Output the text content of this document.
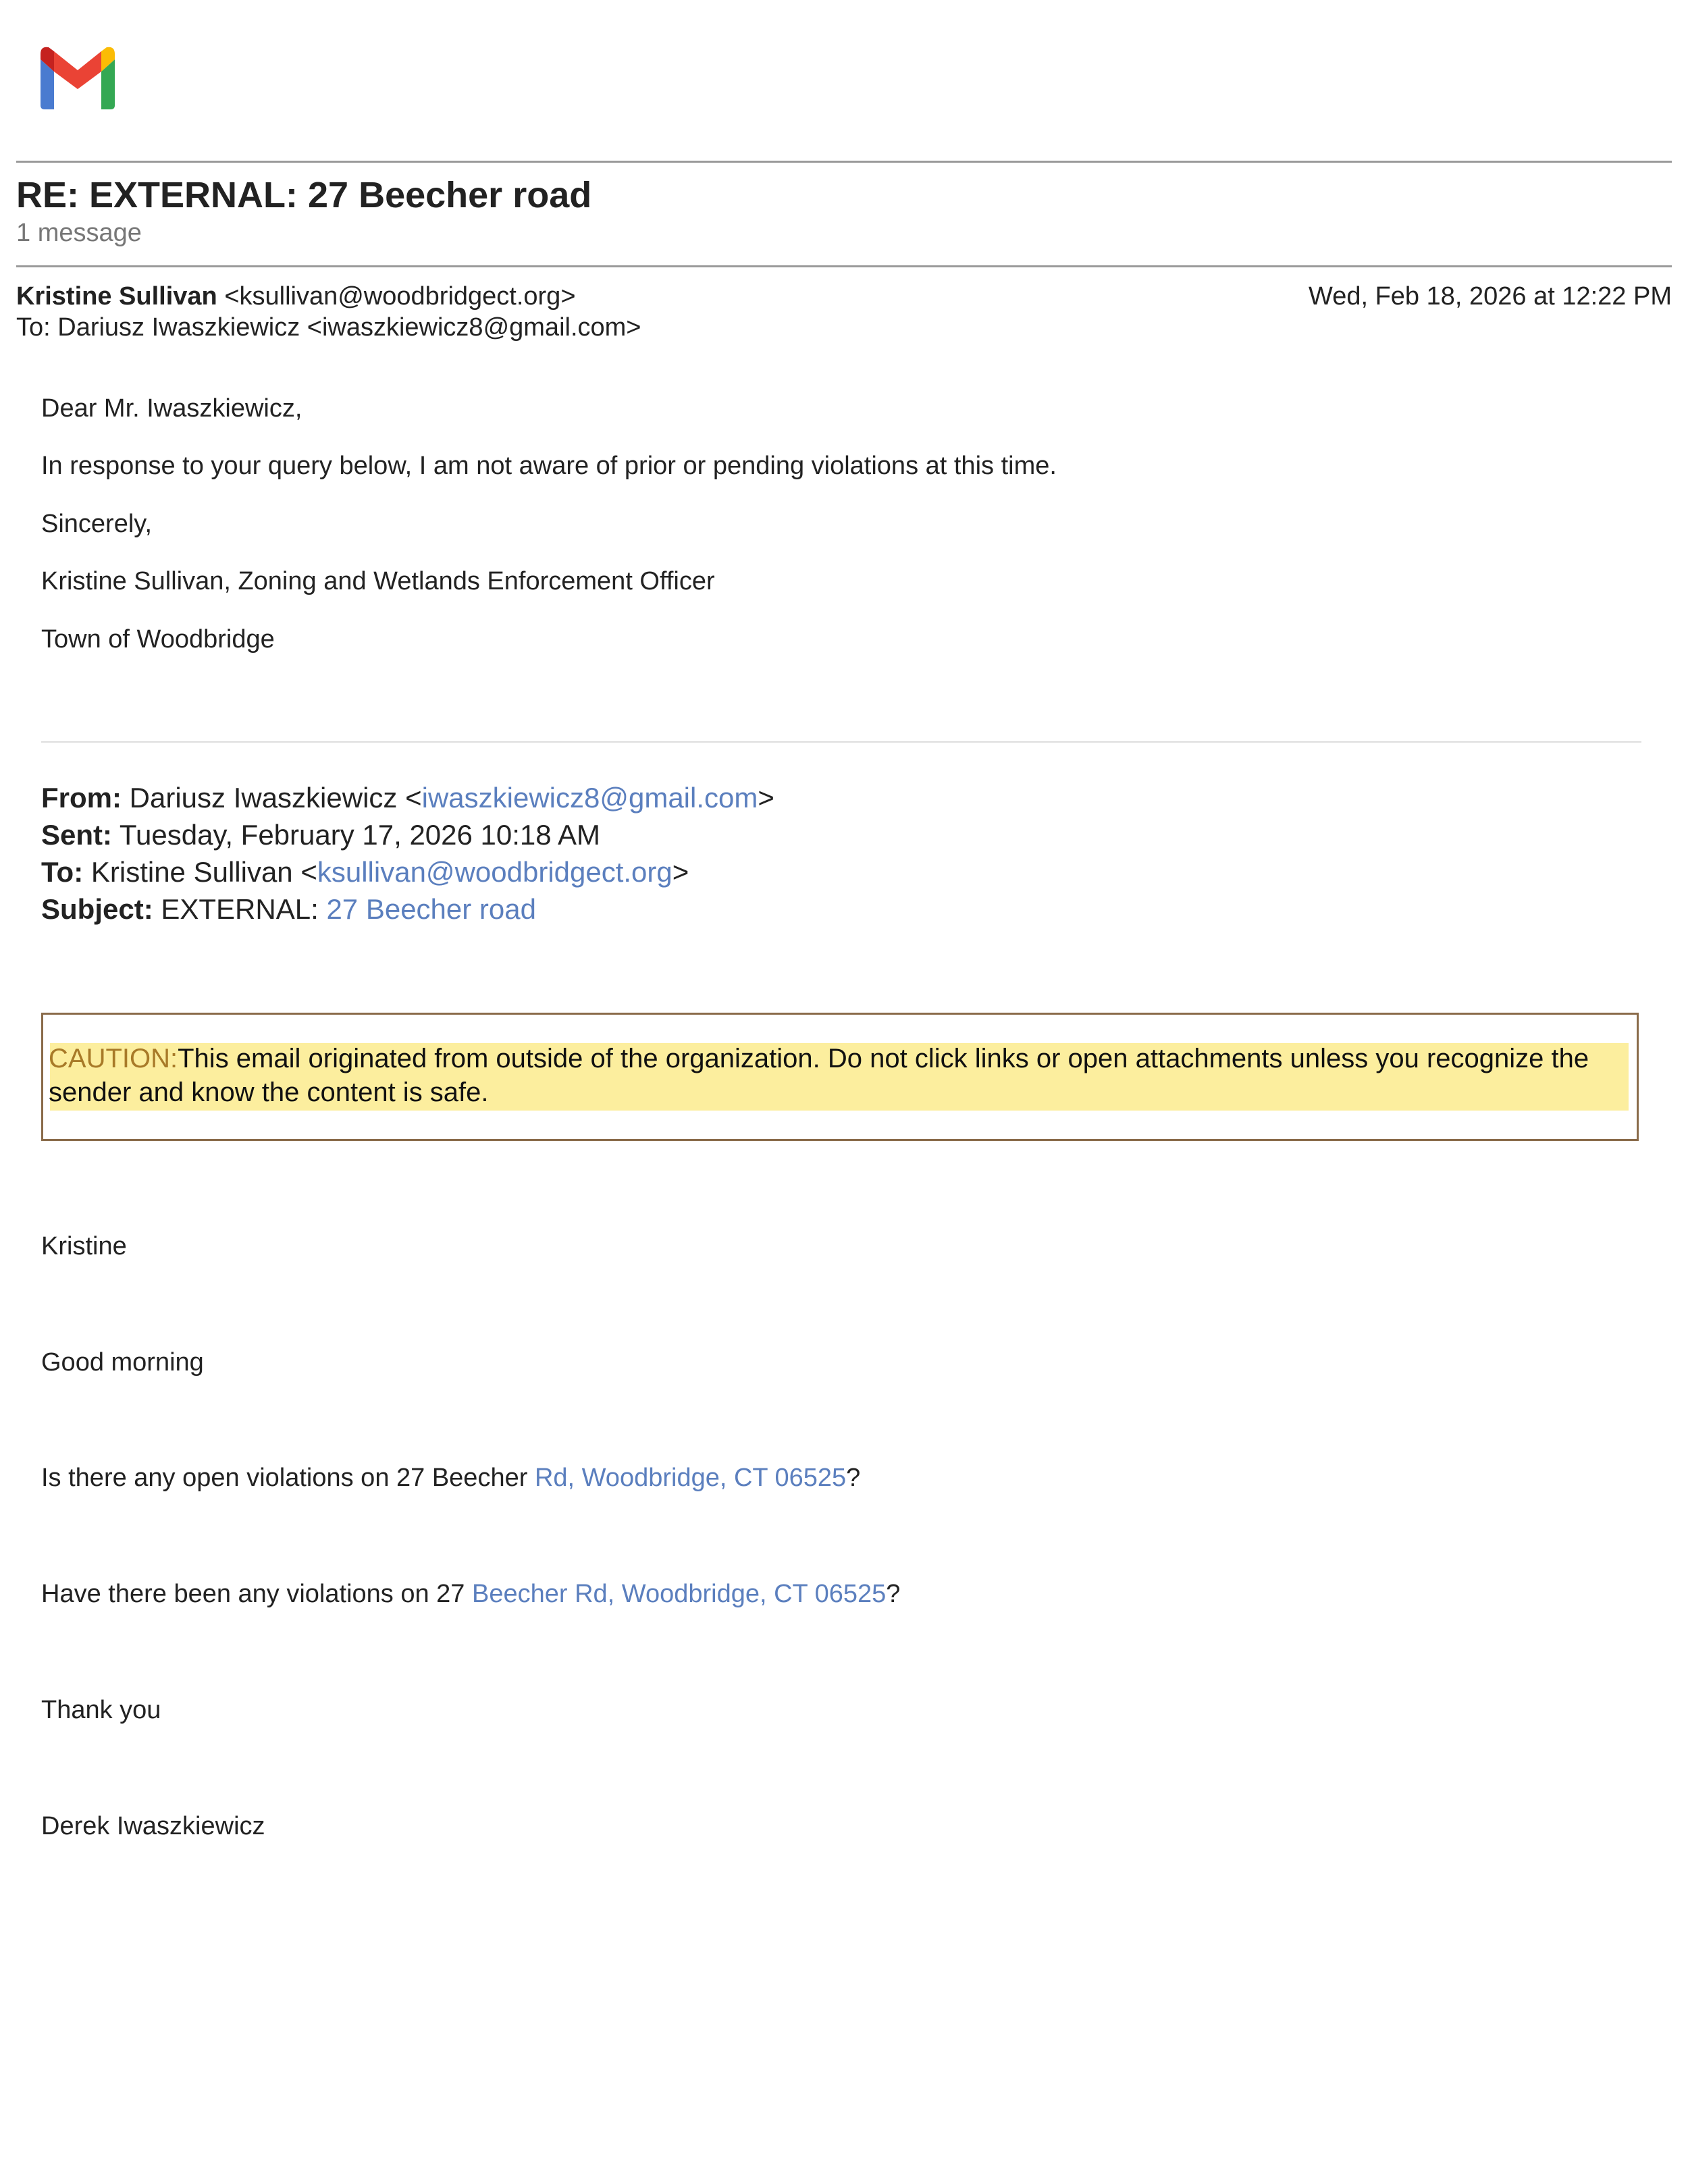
RE: EXTERNAL: 27 Beecher road
1 message
Kristine Sullivan <ksullivan@woodbridgect.org>	Wed, Feb 18, 2026 at 12:22 PM
To: Dariusz Iwaszkiewicz <iwaszkiewicz8@gmail.com>
Dear Mr. Iwaszkiewicz,
In response to your query below, I am not aware of prior or pending violations at this time.
Sincerely,
Kristine Sullivan, Zoning and Wetlands Enforcement Officer
Town of Woodbridge
From: Dariusz Iwaszkiewicz <iwaszkiewicz8@gmail.com>
Sent: Tuesday, February 17, 2026 10:18 AM
To: Kristine Sullivan <ksullivan@woodbridgect.org>
Subject: EXTERNAL: 27 Beecher road
CAUTION:This email originated from outside of the organization. Do not click links or open attachments unless you recognize the sender and know the content is safe.
Kristine
Good morning
Is there any open violations on 27 Beecher Rd, Woodbridge, CT 06525?
Have there been any violations on 27 Beecher Rd, Woodbridge, CT 06525?
Thank you
Derek Iwaszkiewicz
